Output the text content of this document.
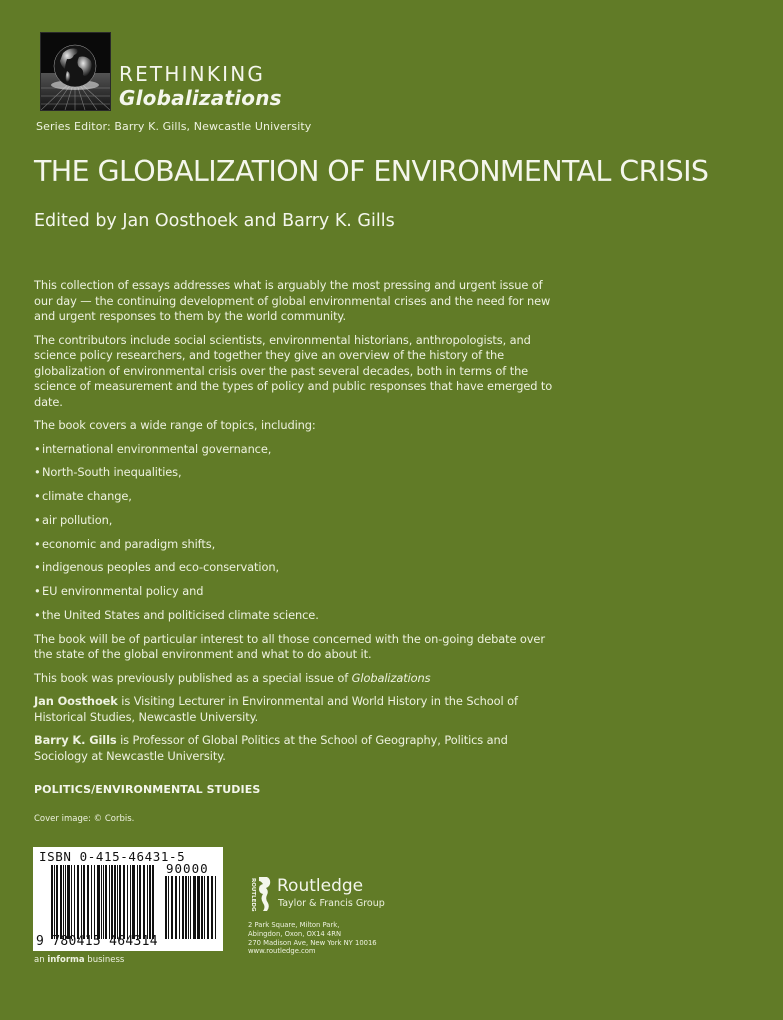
RETHINKING
Globalizations
Series Editor: Barry K. Gills, Newcastle University
THE GLOBALIZATION OF ENVIRONMENTAL CRISIS
Edited by Jan Oosthoek and Barry K. Gills

This collection of essays addresses what is arguably the most pressing and urgent issue of our day — the continuing development of global environmental crises and the need for new and urgent responses to them by the world community.

The contributors include social scientists, environmental historians, anthropologists, and science policy researchers, and together they give an overview of the history of the globalization of environmental crisis over the past several decades, both in terms of the science of measurement and the types of policy and public responses that have emerged to date.

The book covers a wide range of topics, including:

•international environmental governance,
•North-South inequalities,
•climate change,
•air pollution,
•economic and paradigm shifts,
•indigenous peoples and eco-conservation,
•EU environmental policy and
•the United States and politicised climate science.

The book will be of particular interest to all those concerned with the on-going debate over the state of the global environment and what to do about it.

This book was previously published as a special issue of Globalizations

Jan Oosthoek is Visiting Lecturer in Environmental and World History in the School of Historical Studies, Newcastle University.

Barry K. Gills is Professor of Global Politics at the School of Geography, Politics and Sociology at Newcastle University.

POLITICS/ENVIRONMENTAL STUDIES
Cover image: © Corbis.
ISBN 0-415-46431-5
90000
9 780415 464314
an informa business
ROUTLEDGE Routledge
Taylor & Francis Group
2 Park Square, Milton Park,
Abingdon, Oxon, OX14 4RN
270 Madison Ave, New York NY 10016
www.routledge.com
